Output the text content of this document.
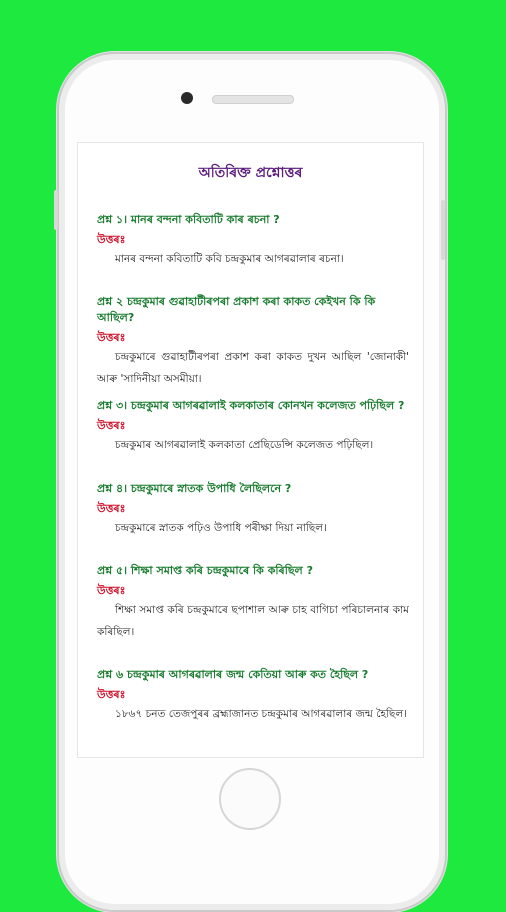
অতিৰিক্ত প্ৰশ্নোত্তৰ
প্ৰশ্ন ১। মানৰ বন্দনা কবিতাটি কাৰ ৰচনা ?
উত্তৰঃ
মানৰ বন্দনা কবিতাটি কবি চন্দ্ৰকুমাৰ আগৰৱালাৰ ৰচনা।
প্ৰশ্ন ২ চন্দ্ৰকুমাৰ গুৱাহাটীৰপৰা প্ৰকাশ কৰা কাকত কেইখন কি কি আছিল?
উত্তৰঃ
চন্দ্ৰকুমাৰে গুৱাহাটীৰপৰা প্ৰকাশ কৰা কাকত দুখন আছিল 'জোনাকী' আৰু 'সাদিনীয়া অসমীয়া।
প্ৰশ্ন ৩। চন্দ্ৰকুমাৰ আগৰৱালাই কলকাতাৰ কোনখন কলেজত পঢ়িছিল ?
উত্তৰঃ
চন্দ্ৰকুমাৰ আগৰৱালাই কলকাতা প্ৰেছিডেন্সি কলেজত পঢ়িছিল।
প্ৰশ্ন ৪। চন্দ্ৰকুমাৰে স্নাতক উপাধি লৈছিলনে ?
উত্তৰঃ
চন্দ্ৰকুমাৰে স্নাতক পঢ়িও উপাধি পৰীক্ষা দিয়া নাছিল।
প্ৰশ্ন ৫। শিক্ষা সমাপ্ত কৰি চন্দ্ৰকুমাৰে কি কৰিছিল ?
উত্তৰঃ
শিক্ষা সমাপ্ত কৰি চন্দ্ৰকুমাৰে ছপাশাল আৰু চাহ বাগিচা পৰিচালনাৰ কাম কৰিছিল।
প্ৰশ্ন ৬ চন্দ্ৰকুমাৰ আগৰৱালাৰ জন্ম কেতিয়া আৰু কত হৈছিল ?
উত্তৰঃ
১৮৬৭ চনত তেজপুৰৰ ব্ৰহ্মাজানত চন্দ্ৰকুমাৰ আগৰৱালাৰ জন্ম হৈছিল।
